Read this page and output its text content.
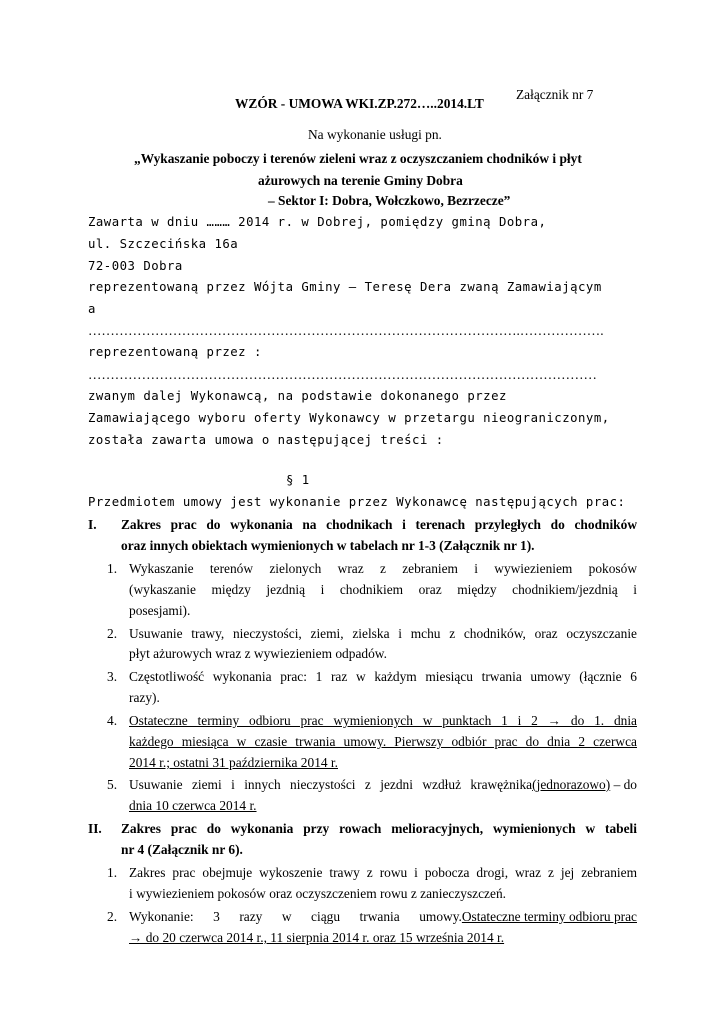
Załącznik nr 7
WZÓR - UMOWA WKI.ZP.272…..2014.LT
Na wykonanie usługi pn.
„Wykaszanie poboczy i terenów zieleni wraz z oczyszczaniem chodników i płyt
ażurowych na terenie Gminy Dobra
– Sektor I: Dobra, Wołczkowo, Bezrzecze”
Zawarta w dniu ……… 2014 r. w Dobrej, pomiędzy gminą Dobra,
ul. Szczecińska 16a
72-003 Dobra
reprezentowaną przez Wójta Gminy – Teresę Dera zwaną Zamawiającym
a
…………………………………………………………………………………….……………….
reprezentowaną przez :
……………………………………………………………………………………………………
zwanym dalej Wykonawcą, na podstawie dokonanego przez
Zamawiającego wyboru oferty Wykonawcy w przetargu nieograniczonym,
została zawarta umowa o następującej treści :
§ 1
Przedmiotem umowy jest wykonanie przez Wykonawcę następujących prac:
I. Zakres prac do wykonania na chodnikach i terenach przyległych do chodników
oraz innych obiektach wymienionych w tabelach nr 1-3 (Załącznik nr 1).
1. Wykaszanie terenów zielonych wraz z zebraniem i wywiezieniem pokosów
(wykaszanie między jezdnią i chodnikiem oraz między chodnikiem/jezdnią i
posesjami).
2. Usuwanie trawy, nieczystości, ziemi, zielska i mchu z chodników, oraz oczyszczanie
płyt ażurowych wraz z wywiezieniem odpadów.
3. Częstotliwość wykonania prac: 1 raz w każdym miesiącu trwania umowy (łącznie 6
razy).
4. Ostateczne terminy odbioru prac wymienionych w punktach 1 i 2 → do 1. dnia
każdego miesiąca w czasie trwania umowy. Pierwszy odbiór prac do dnia 2 czerwca
2014 r.; ostatni 31 października 2014 r.
5. Usuwanie ziemi i innych nieczystości z jezdni wzdłuż krawężnika (jednorazowo) – do
dnia 10 czerwca 2014 r.
II. Zakres prac do wykonania przy rowach melioracyjnych, wymienionych w tabeli
nr 4 (Załącznik nr 6).
1. Zakres prac obejmuje wykoszenie trawy z rowu i pobocza drogi, wraz z jej zebraniem
i wywiezieniem pokosów oraz oczyszczeniem rowu z zanieczyszczeń.
2. Wykonanie: 3 razy w ciągu trwania umowy. Ostateczne terminy odbioru prac
→ do 20 czerwca 2014 r., 11 sierpnia 2014 r. oraz 15 września 2014 r.
